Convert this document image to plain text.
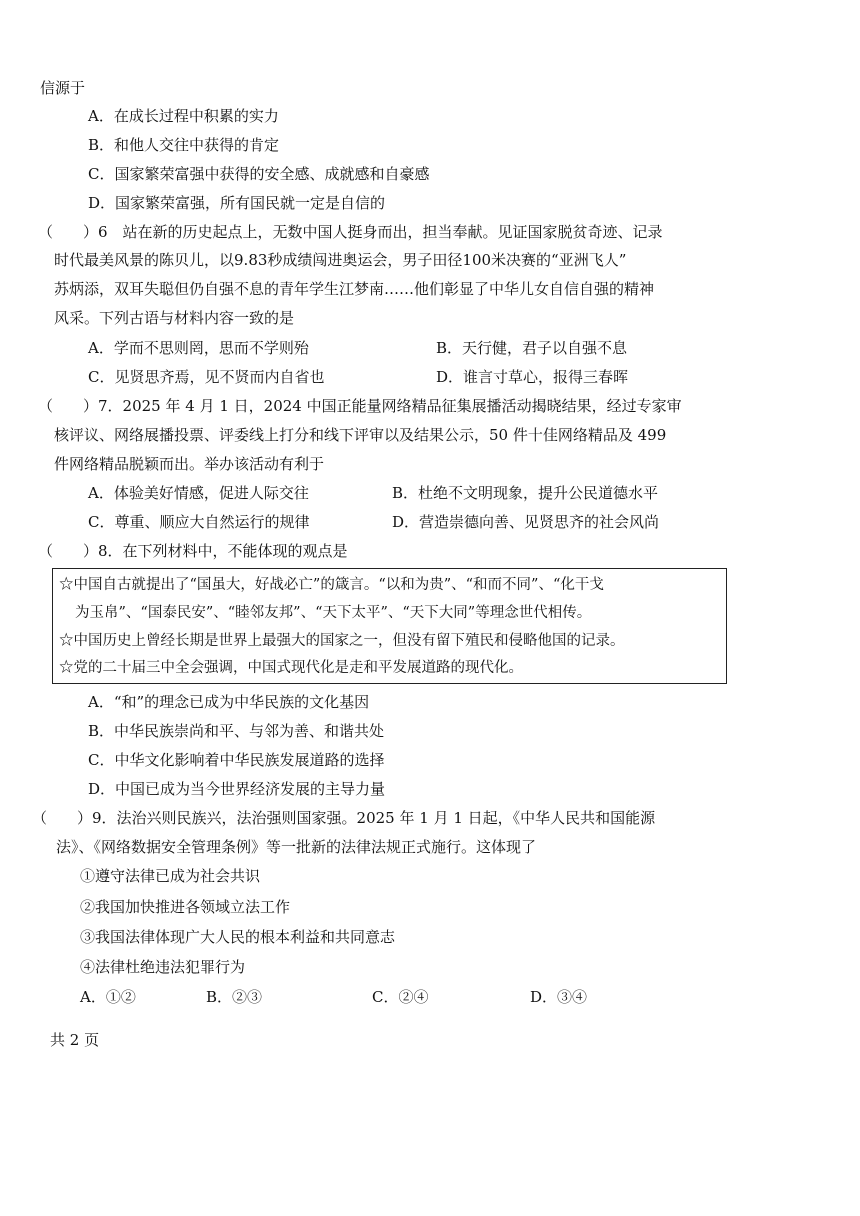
信源于
A．在成长过程中积累的实力
B．和他人交往中获得的肯定
C．国家繁荣富强中获得的安全感、成就感和自豪感
D．国家繁荣富强，所有国民就一定是自信的
（　　）6　站在新的历史起点上，无数中国人挺身而出，担当奉献。见证国家脱贫奇迹、记录
时代最美风景的陈贝儿，以9.83秒成绩闯进奥运会，男子田径100米决赛的“亚洲飞人”
苏炳添，双耳失聪但仍自强不息的青年学生江梦南……他们彰显了中华儿女自信自强的精神
风采。下列古语与材料内容一致的是
A．学而不思则罔，思而不学则殆	B．天行健，君子以自强不息
C．见贤思齐焉，见不贤而内自省也	D．谁言寸草心，报得三春晖
（　　）7．2025 年 4 月 1 日，2024 中国正能量网络精品征集展播活动揭晓结果，经过专家审
核评议、网络展播投票、评委线上打分和线下评审以及结果公示，50 件十佳网络精品及 499
件网络精品脱颖而出。举办该活动有利于
A．体验美好情感，促进人际交往	B．杜绝不文明现象，提升公民道德水平
C．尊重、顺应大自然运行的规律	D．营造崇德向善、见贤思齐的社会风尚
（　　）8．在下列材料中，不能体现的观点是
☆中国自古就提出了“国虽大，好战必亡”的箴言。“以和为贵”、“和而不同”、“化干戈
为玉帛”、“国泰民安”、“睦邻友邦”、“天下太平”、“天下大同”等理念世代相传。
☆中国历史上曾经长期是世界上最强大的国家之一，但没有留下殖民和侵略他国的记录。
☆党的二十届三中全会强调，中国式现代化是走和平发展道路的现代化。
A．“和”的理念已成为中华民族的文化基因
B．中华民族崇尚和平、与邻为善、和谐共处
C．中华文化影响着中华民族发展道路的选择
D．中国已成为当今世界经济发展的主导力量
（　　）9．法治兴则民族兴，法治强则国家强。2025 年 1 月 1 日起，《中华人民共和国能源
法》、《网络数据安全管理条例》等一批新的法律法规正式施行。这体现了
①遵守法律已成为社会共识
②我国加快推进各领域立法工作
③我国法律体现广大人民的根本利益和共同意志
④法律杜绝违法犯罪行为
A．①②	B．②③	C．②④	D．③④
共 2 页
